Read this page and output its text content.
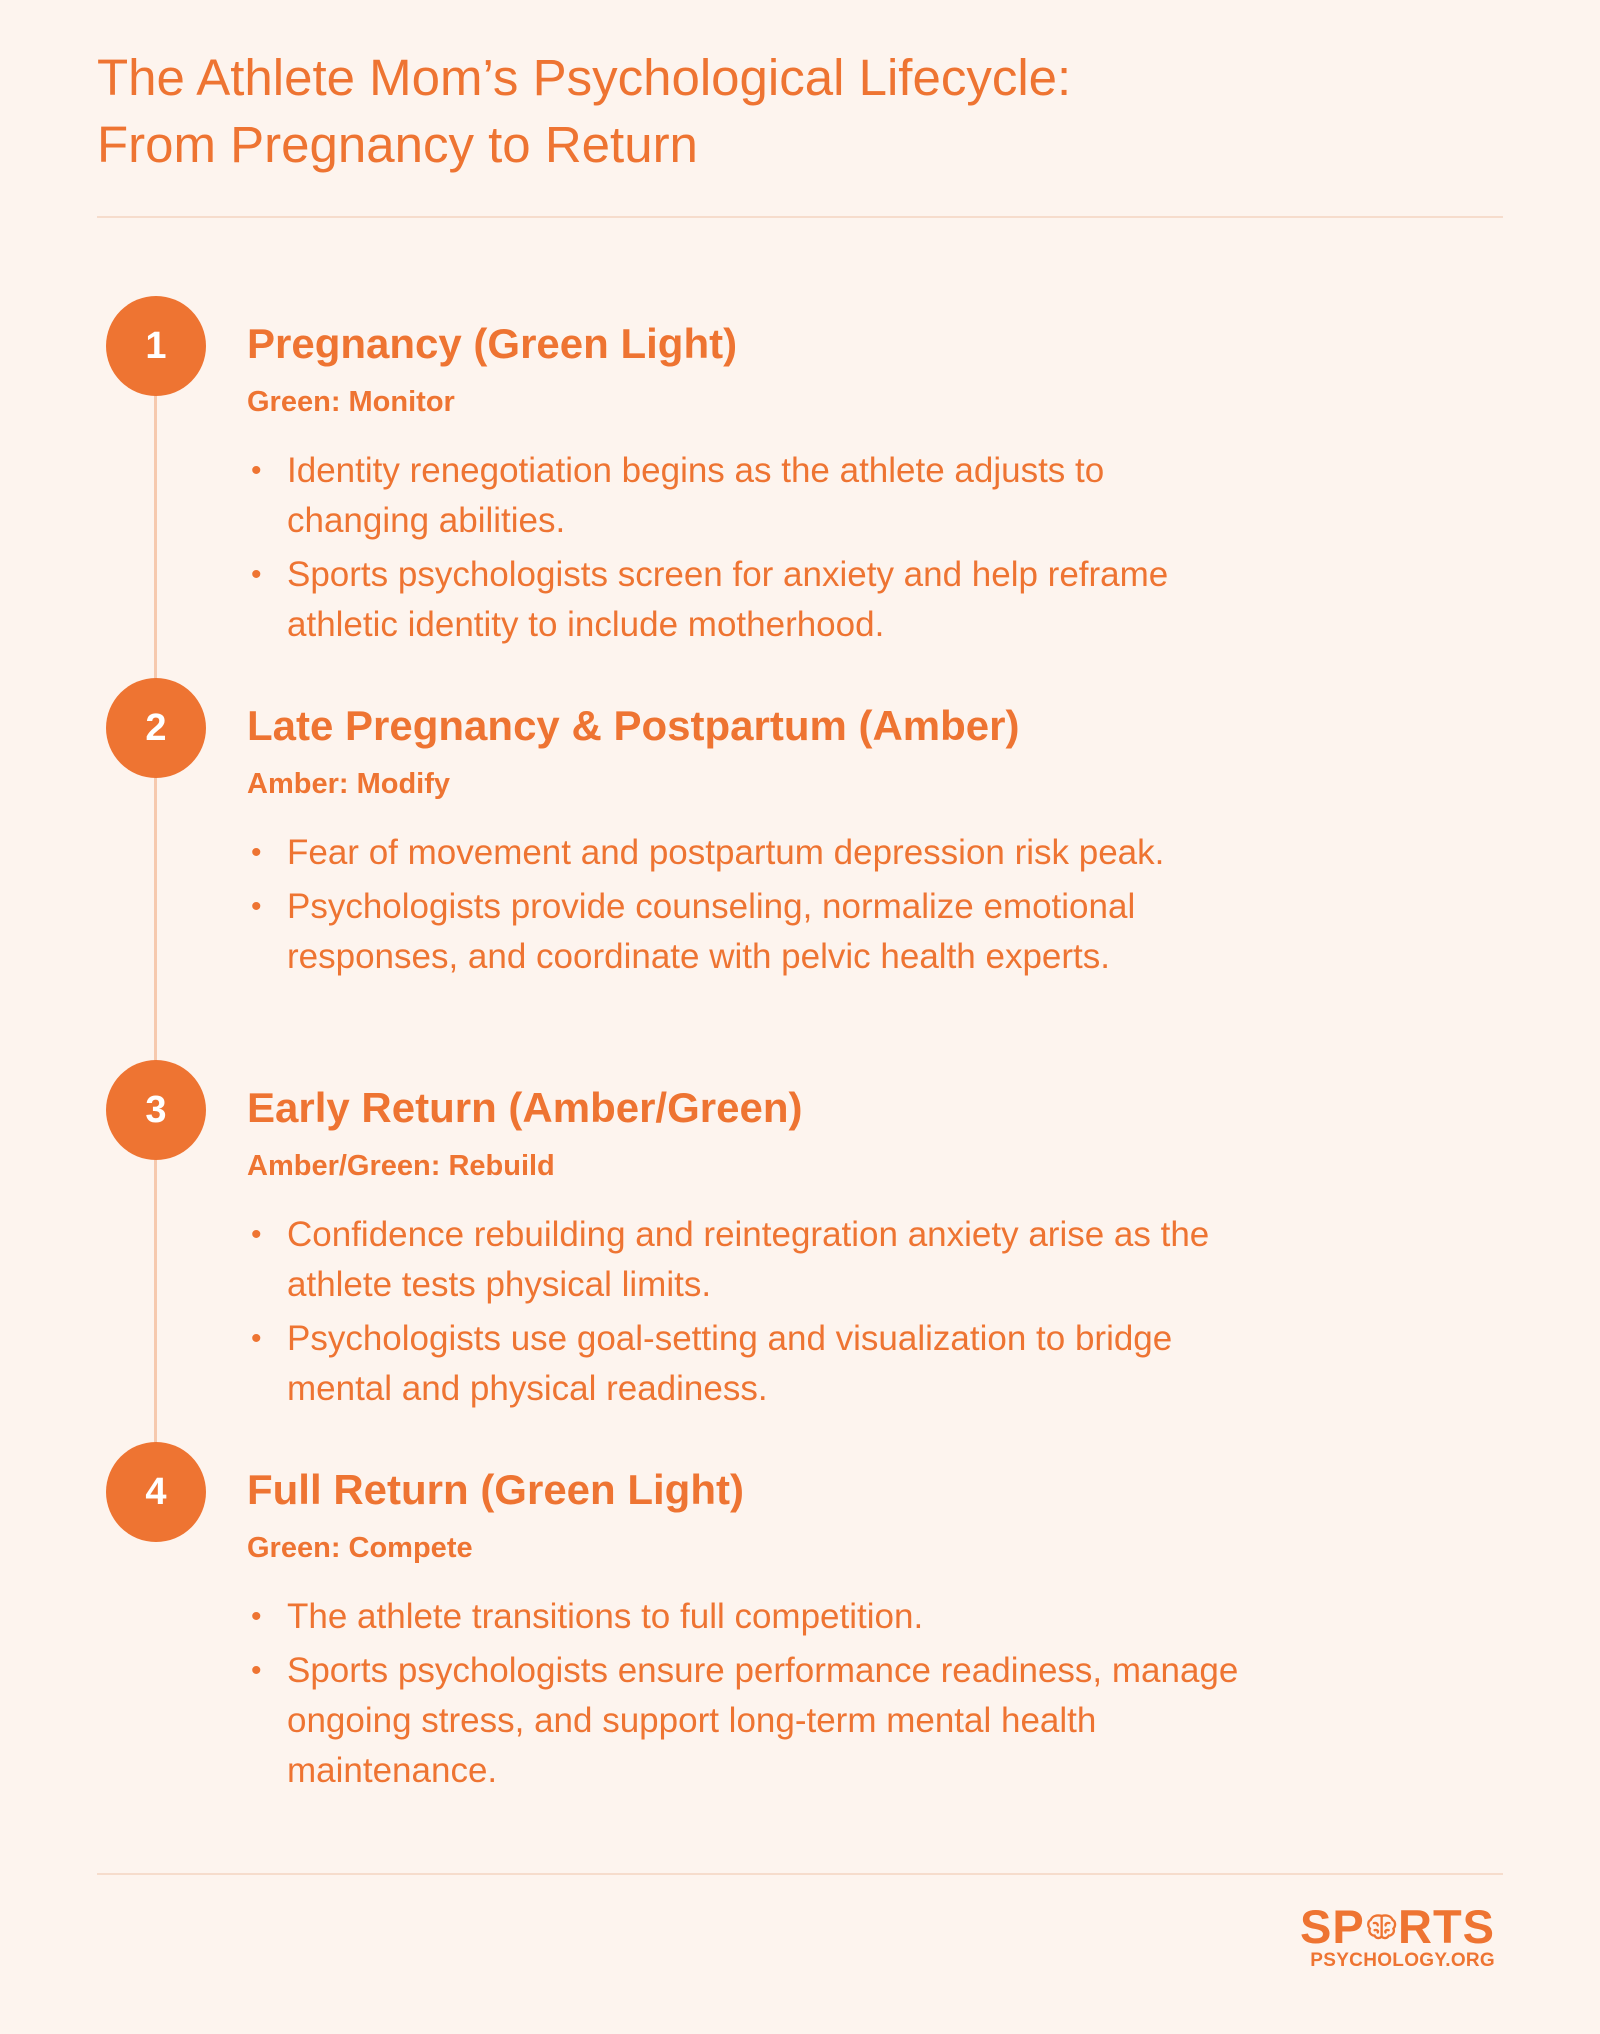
The Athlete Mom’s Psychological Lifecycle:
From Pregnancy to Return
1	Pregnancy (Green Light)
Green: Monitor
• Identity renegotiation begins as the athlete adjusts to changing abilities.
• Sports psychologists screen for anxiety and help reframe athletic identity to include motherhood.
2	Late Pregnancy & Postpartum (Amber)
Amber: Modify
• Fear of movement and postpartum depression risk peak.
• Psychologists provide counseling, normalize emotional responses, and coordinate with pelvic health experts.
3	Early Return (Amber/Green)
Amber/Green: Rebuild
• Confidence rebuilding and reintegration anxiety arise as the athlete tests physical limits.
• Psychologists use goal-setting and visualization to bridge mental and physical readiness.
4	Full Return (Green Light)
Green: Compete
• The athlete transitions to full competition.
• Sports psychologists ensure performance readiness, manage ongoing stress, and support long-term mental health maintenance.
SP RTS
PSYCHOLOGY.ORG
